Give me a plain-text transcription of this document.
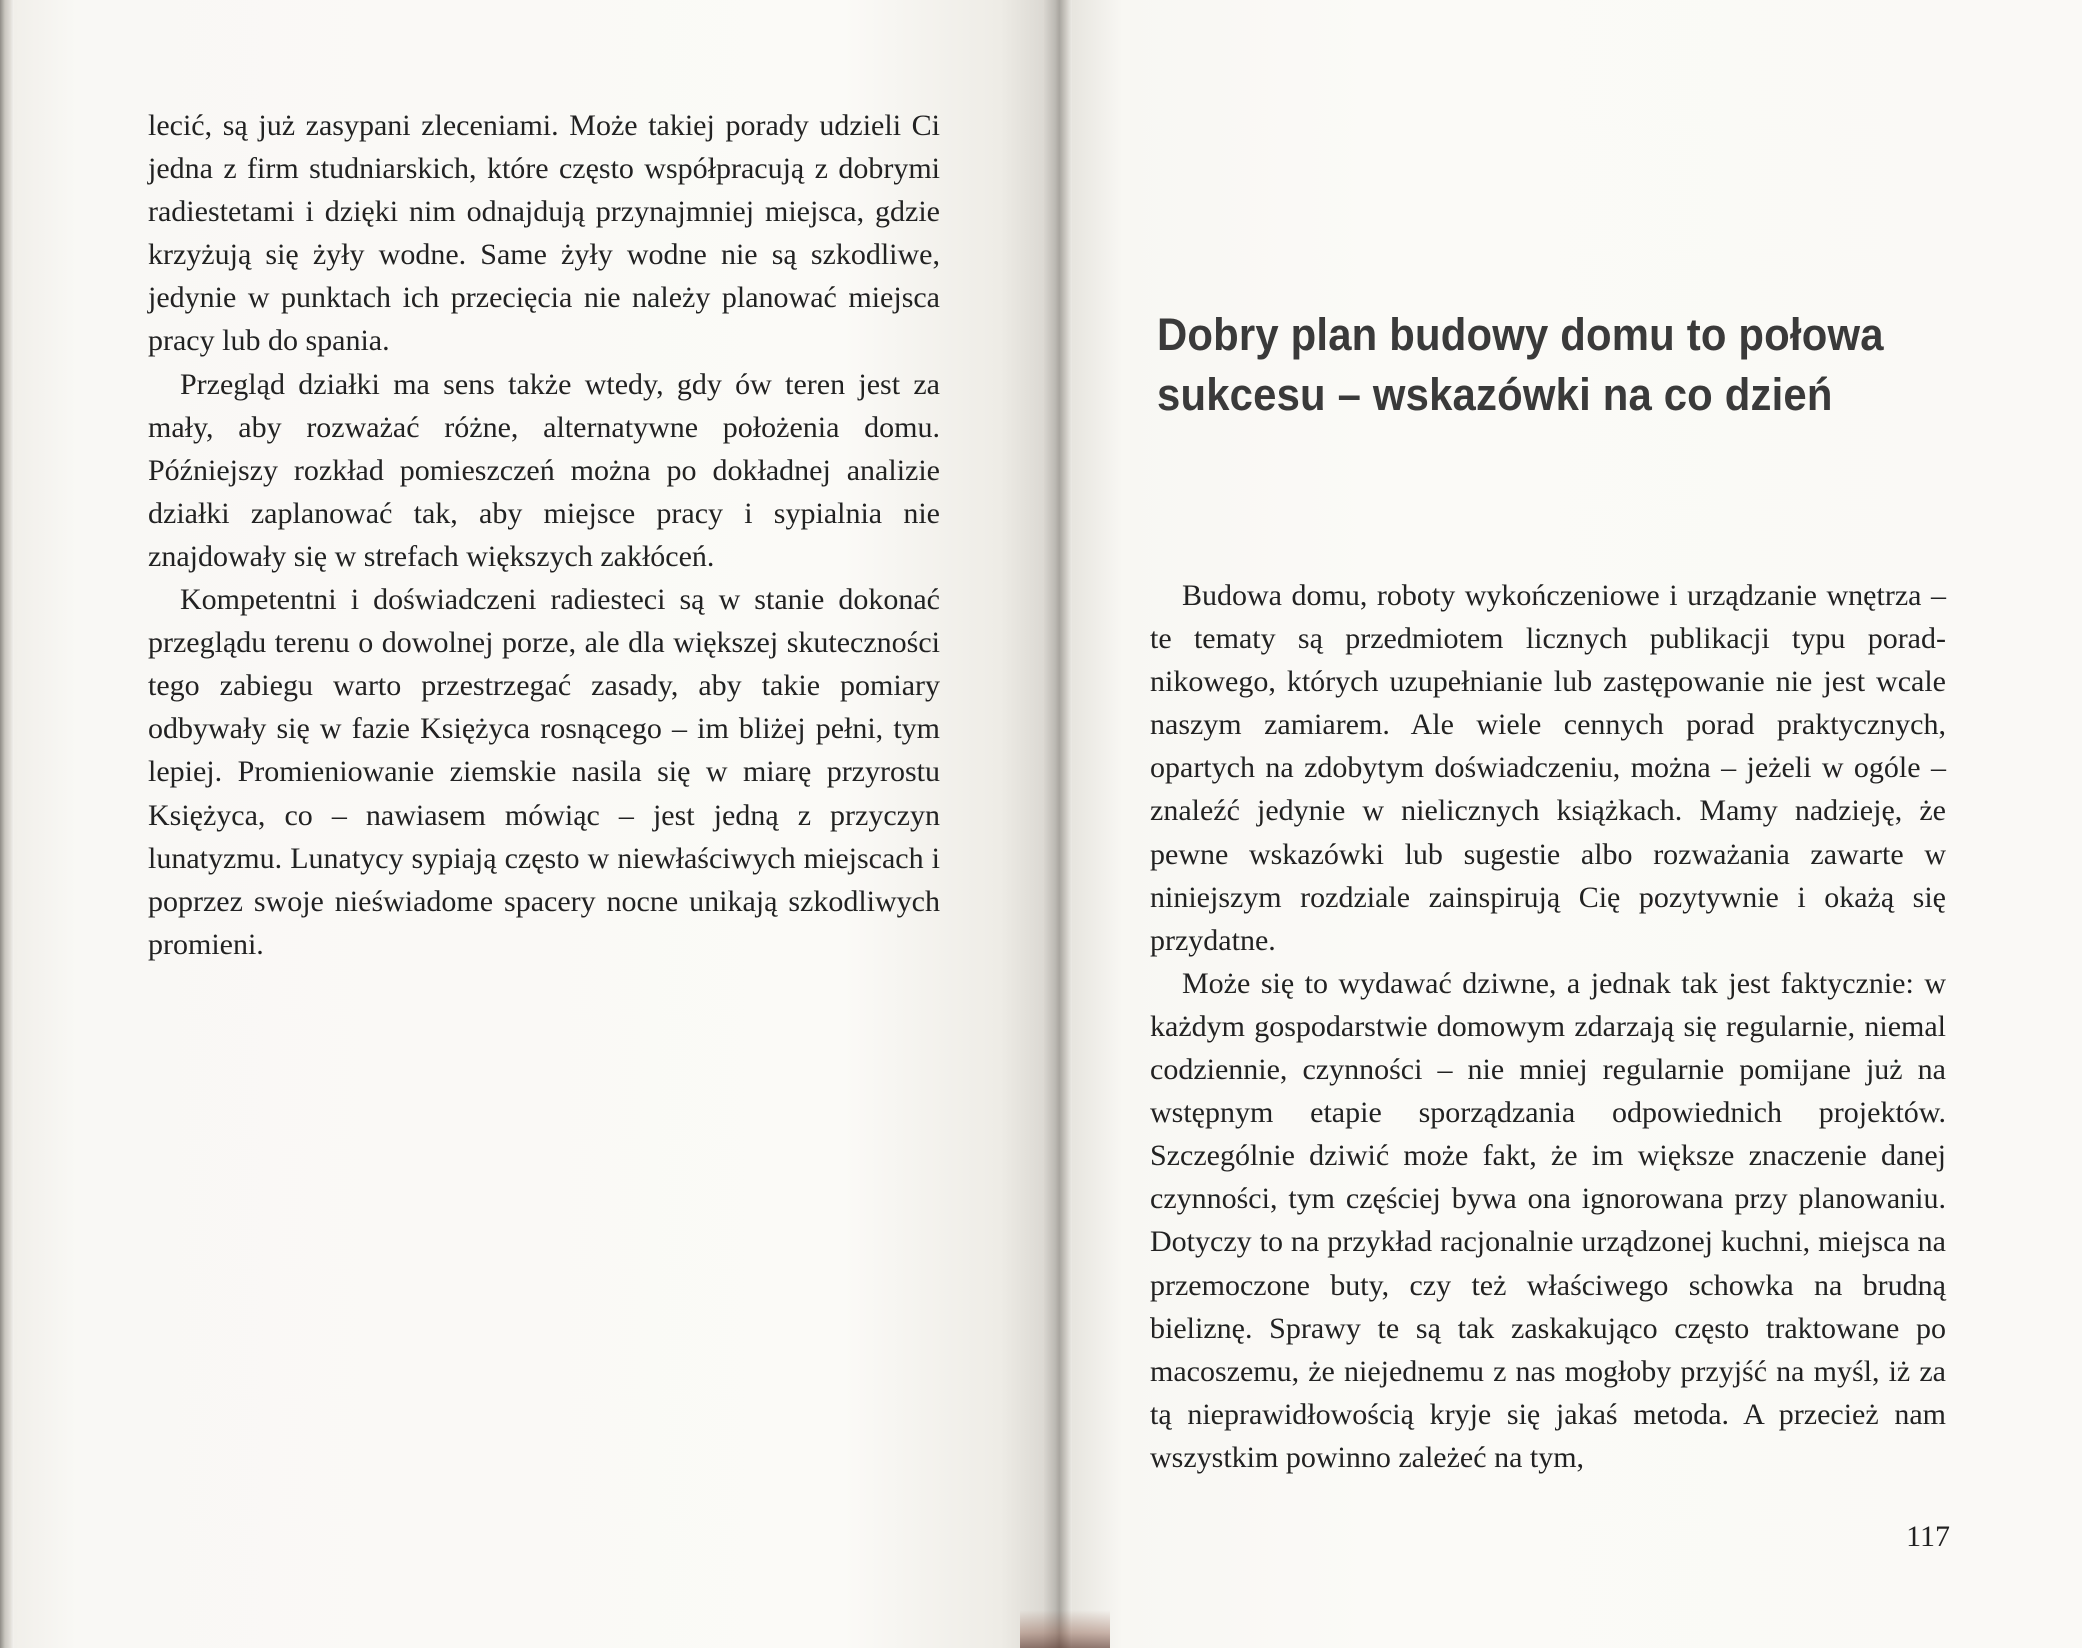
lecić, są już zasypani zleceniami. Może takiej porady udzieli Ci jedna z firm studniarskich, które często współpracują z dobrymi radiestetami i dzięki nim odnajdują przynajmniej miejsca, gdzie krzyżują się żyły wodne. Same żyły wodne nie są szkodliwe, jedynie w punktach ich przecięcia nie należy planować miejsca pracy lub do spania.

Przegląd działki ma sens także wtedy, gdy ów teren jest za mały, aby rozważać różne, alternatywne położenia domu. Późniejszy rozkład pomieszczeń można po dokładnej analizie działki zaplanować tak, aby miejsce pracy i sypialnia nie znajdowały się w strefach większych zakłóceń.

Kompetentni i doświadczeni radiesteci są w stanie dokonać przeglądu terenu o dowolnej porze, ale dla większej skuteczności tego zabiegu warto przestrzegać zasady, aby takie pomiary odbywały się w fazie Księżyca rosnącego – im bliżej pełni, tym lepiej. Promieniowanie ziemskie nasila się w miarę przyrostu Księżyca, co – nawiasem mówiąc – jest jedną z przyczyn lunatyzmu. Lunatycy sypiają często w niewłaściwych miejscach i poprzez swoje nieświadome spacery nocne unikają szkodliwych promieni.

Dobry plan budowy domu to połowa
sukcesu – wskazówki na co dzień

Budowa domu, roboty wykończeniowe i urządzanie wnętrza – te tematy są przedmiotem licznych publikacji typu poradnikowego, których uzupełnianie lub zastępowanie nie jest wcale naszym zamiarem. Ale wiele cennych porad praktycznych, opartych na zdobytym doświadczeniu, można – jeżeli w ogóle – znaleźć jedynie w nielicznych książkach. Mamy nadzieję, że pewne wskazówki lub sugestie albo rozważania zawarte w niniejszym rozdziale zainspirują Cię pozytywnie i okażą się przydatne.

Może się to wydawać dziwne, a jednak tak jest faktycznie: w każdym gospodarstwie domowym zdarzają się regularnie, niemal codziennie, czynności – nie mniej regularnie pomijane już na wstępnym etapie sporządzania odpowiednich projektów. Szczególnie dziwić może fakt, że im większe znaczenie danej czynności, tym częściej bywa ona ignorowana przy planowaniu. Dotyczy to na przykład racjonalnie urządzonej kuchni, miejsca na przemoczone buty, czy też właściwego schowka na brudną bieliznę. Sprawy te są tak zaskakująco często traktowane po macoszemu, że niejednemu z nas mogłoby przyjść na myśl, iż za tą nieprawidłowością kryje się jakaś metoda. A przecież nam wszystkim powinno zależeć na tym,

117
